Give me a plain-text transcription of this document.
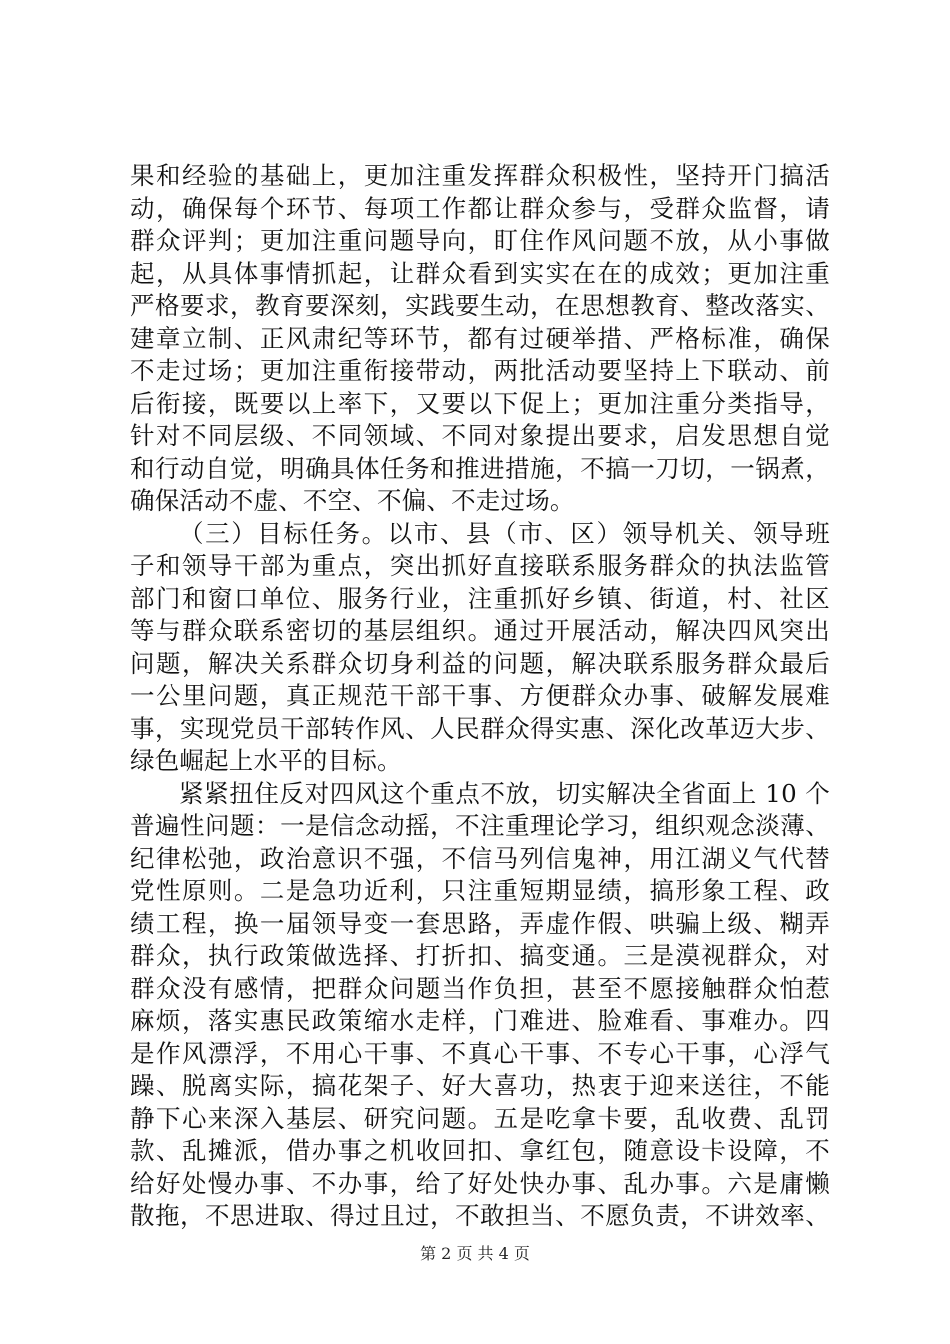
果和经验的基础上，更加注重发挥群众积极性，坚持开门搞活
动，确保每个环节、每项工作都让群众参与，受群众监督，请
群众评判；更加注重问题导向，盯住作风问题不放，从小事做
起，从具体事情抓起，让群众看到实实在在的成效；更加注重
严格要求，教育要深刻，实践要生动，在思想教育、整改落实、
建章立制、正风肃纪等环节，都有过硬举措、严格标准，确保
不走过场；更加注重衔接带动，两批活动要坚持上下联动、前
后衔接，既要以上率下，又要以下促上；更加注重分类指导，
针对不同层级、不同领域、不同对象提出要求，启发思想自觉
和行动自觉，明确具体任务和推进措施，不搞一刀切，一锅煮，
确保活动不虚、不空、不偏、不走过场。
（三）目标任务。以市、县（市、区）领导机关、领导班
子和领导干部为重点，突出抓好直接联系服务群众的执法监管
部门和窗口单位、服务行业，注重抓好乡镇、街道，村、社区
等与群众联系密切的基层组织。通过开展活动，解决四风突出
问题，解决关系群众切身利益的问题，解决联系服务群众最后
一公里问题，真正规范干部干事、方便群众办事、破解发展难
事，实现党员干部转作风、人民群众得实惠、深化改革迈大步、
绿色崛起上水平的目标。
紧紧扭住反对四风这个重点不放，切实解决全省面上 10 个
普遍性问题：一是信念动摇，不注重理论学习，组织观念淡薄、
纪律松弛，政治意识不强，不信马列信鬼神，用江湖义气代替
党性原则。二是急功近利，只注重短期显绩，搞形象工程、政
绩工程，换一届领导变一套思路，弄虚作假、哄骗上级、糊弄
群众，执行政策做选择、打折扣、搞变通。三是漠视群众，对
群众没有感情，把群众问题当作负担，甚至不愿接触群众怕惹
麻烦，落实惠民政策缩水走样，门难进、脸难看、事难办。四
是作风漂浮，不用心干事、不真心干事、不专心干事，心浮气
躁、脱离实际，搞花架子、好大喜功，热衷于迎来送往，不能
静下心来深入基层、研究问题。五是吃拿卡要，乱收费、乱罚
款、乱摊派，借办事之机收回扣、拿红包，随意设卡设障，不
给好处慢办事、不办事，给了好处快办事、乱办事。六是庸懒
散拖，不思进取、得过且过，不敢担当、不愿负责，不讲效率、
第 2 页 共 4 页
